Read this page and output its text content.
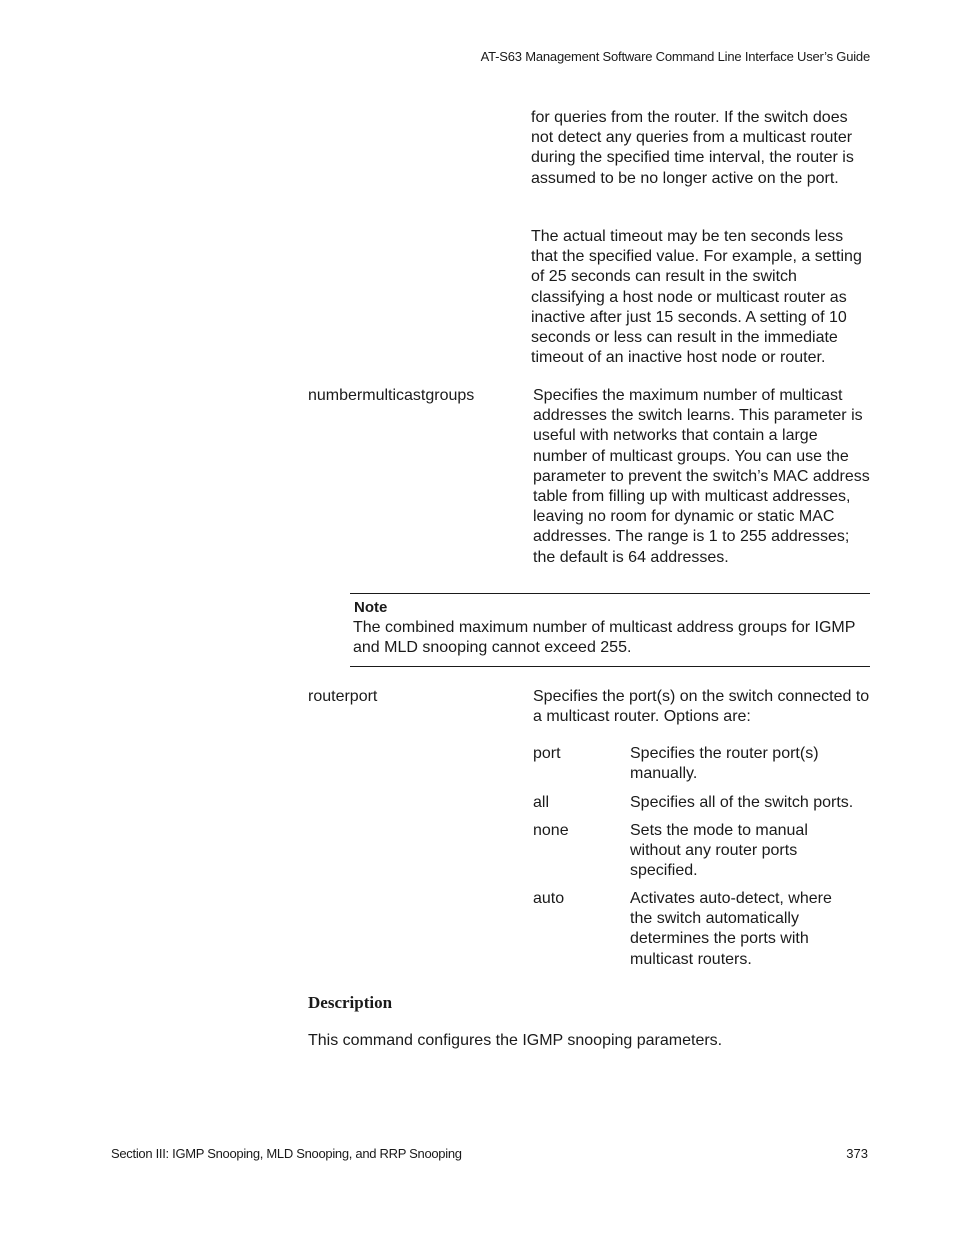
AT-S63 Management Software Command Line Interface User’s Guide

for queries from the router. If the switch does not detect any queries from a multicast router during the specified time interval, the router is assumed to be no longer active on the port.

The actual timeout may be ten seconds less that the specified value. For example, a setting of 25 seconds can result in the switch classifying a host node or multicast router as inactive after just 15 seconds. A setting of 10 seconds or less can result in the immediate timeout of an inactive host node or router.

numbermulticastgroups	Specifies the maximum number of multicast addresses the switch learns. This parameter is useful with networks that contain a large number of multicast groups. You can use the parameter to prevent the switch’s MAC address table from filling up with multicast addresses, leaving no room for dynamic or static MAC addresses. The range is 1 to 255 addresses; the default is 64 addresses.

Note
The combined maximum number of multicast address groups for IGMP and MLD snooping cannot exceed 255.
routerport	Specifies the port(s) on the switch connected to a multicast router. Options are:

port	Specifies the router port(s) manually.
all	Specifies all of the switch ports.
none	Sets the mode to manual without any router ports specified.
auto	Activates auto-detect, where the switch automatically determines the ports with multicast routers.
Description

This command configures the IGMP snooping parameters.

Section III: IGMP Snooping, MLD Snooping, and RRP Snooping	373
